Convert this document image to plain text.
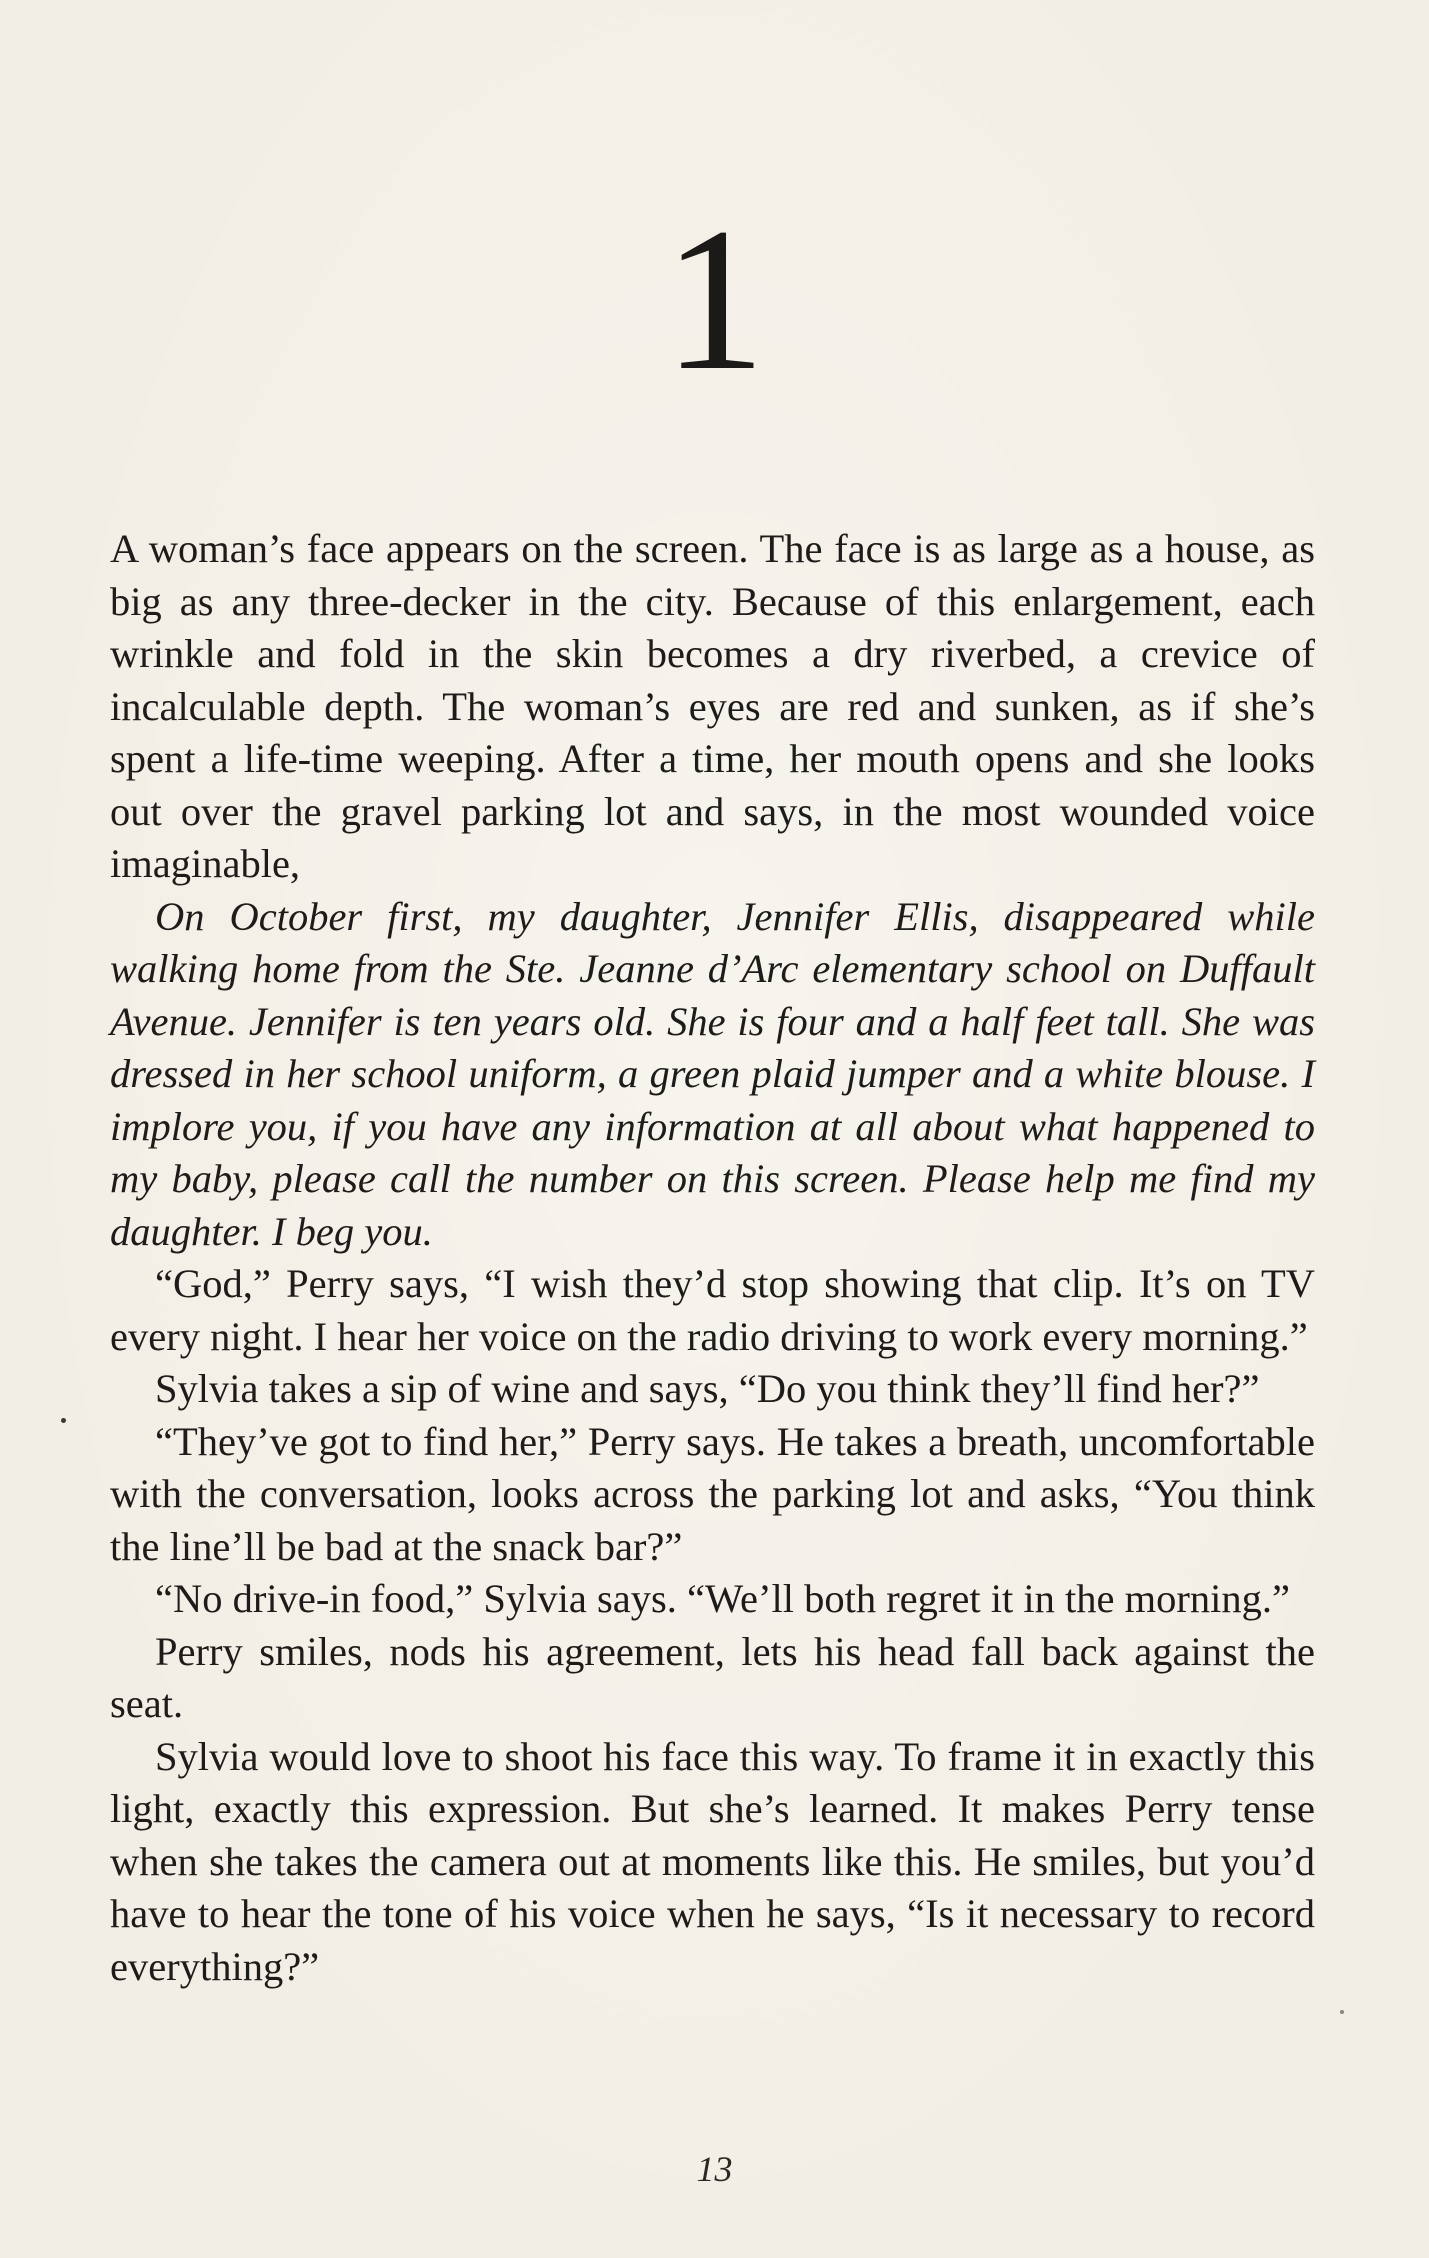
1

A woman’s face appears on the screen. The face is as large as a house, as big as any three-decker in the city. Because of this enlargement, each wrinkle and fold in the skin becomes a dry riverbed, a crevice of incalculable depth. The woman’s eyes are red and sunken, as if she’s spent a life-time weeping. After a time, her mouth opens and she looks out over the gravel parking lot and says, in the most wounded voice imaginable,

On October first, my daughter, Jennifer Ellis, disappeared while walking home from the Ste. Jeanne d’Arc elementary school on Duffault Avenue. Jennifer is ten years old. She is four and a half feet tall. She was dressed in her school uniform, a green plaid jumper and a white blouse. I implore you, if you have any information at all about what happened to my baby, please call the number on this screen. Please help me find my daughter. I beg you.

“God,” Perry says, “I wish they’d stop showing that clip. It’s on TV every night. I hear her voice on the radio driving to work every morning.”

Sylvia takes a sip of wine and says, “Do you think they’ll find her?”

“They’ve got to find her,” Perry says. He takes a breath, uncomfortable with the conversation, looks across the parking lot and asks, “You think the line’ll be bad at the snack bar?”

“No drive-in food,” Sylvia says. “We’ll both regret it in the morning.”

Perry smiles, nods his agreement, lets his head fall back against the seat.

Sylvia would love to shoot his face this way. To frame it in exactly this light, exactly this expression. But she’s learned. It makes Perry tense when she takes the camera out at moments like this. He smiles, but you’d have to hear the tone of his voice when he says, “Is it necessary to record everything?”

13
